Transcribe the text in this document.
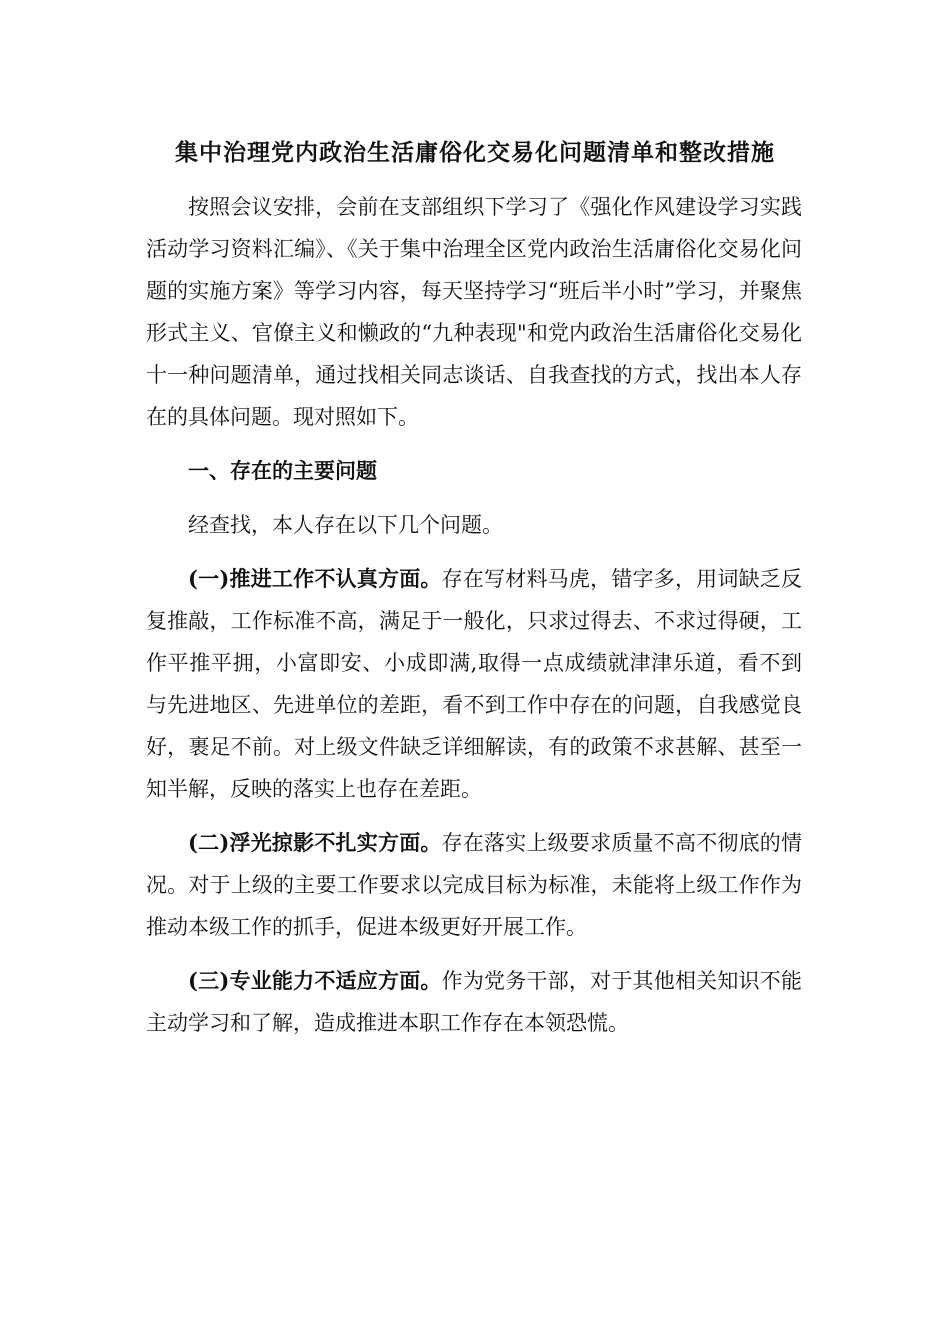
集中治理党内政治生活庸俗化交易化问题清单和整改措施

按照会议安排，会前在支部组织下学习了《强化作风建设学习实践活动学习资料汇编》、《关于集中治理全区党内政治生活庸俗化交易化问题的实施方案》等学习内容，每天坚持学习“班后半小时”学习，并聚焦形式主义、官僚主义和懒政的“九种表现"和党内政治生活庸俗化交易化十一种问题清单，通过找相关同志谈话、自我查找的方式，找出本人存在的具体问题。现对照如下。

一、存在的主要问题

经查找，本人存在以下几个问题。

(一)推进工作不认真方面。存在写材料马虎，错字多，用词缺乏反复推敲，工作标准不高，满足于一般化，只求过得去、不求过得硬，工作平推平拥，小富即安、小成即满,取得一点成绩就津津乐道，看不到与先进地区、先进单位的差距，看不到工作中存在的问题，自我感觉良好，裹足不前。对上级文件缺乏详细解读，有的政策不求甚解、甚至一知半解，反映的落实上也存在差距。

(二)浮光掠影不扎实方面。存在落实上级要求质量不高不彻底的情况。对于上级的主要工作要求以完成目标为标准，未能将上级工作作为推动本级工作的抓手，促进本级更好开展工作。

(三)专业能力不适应方面。作为党务干部，对于其他相关知识不能主动学习和了解，造成推进本职工作存在本领恐慌。
